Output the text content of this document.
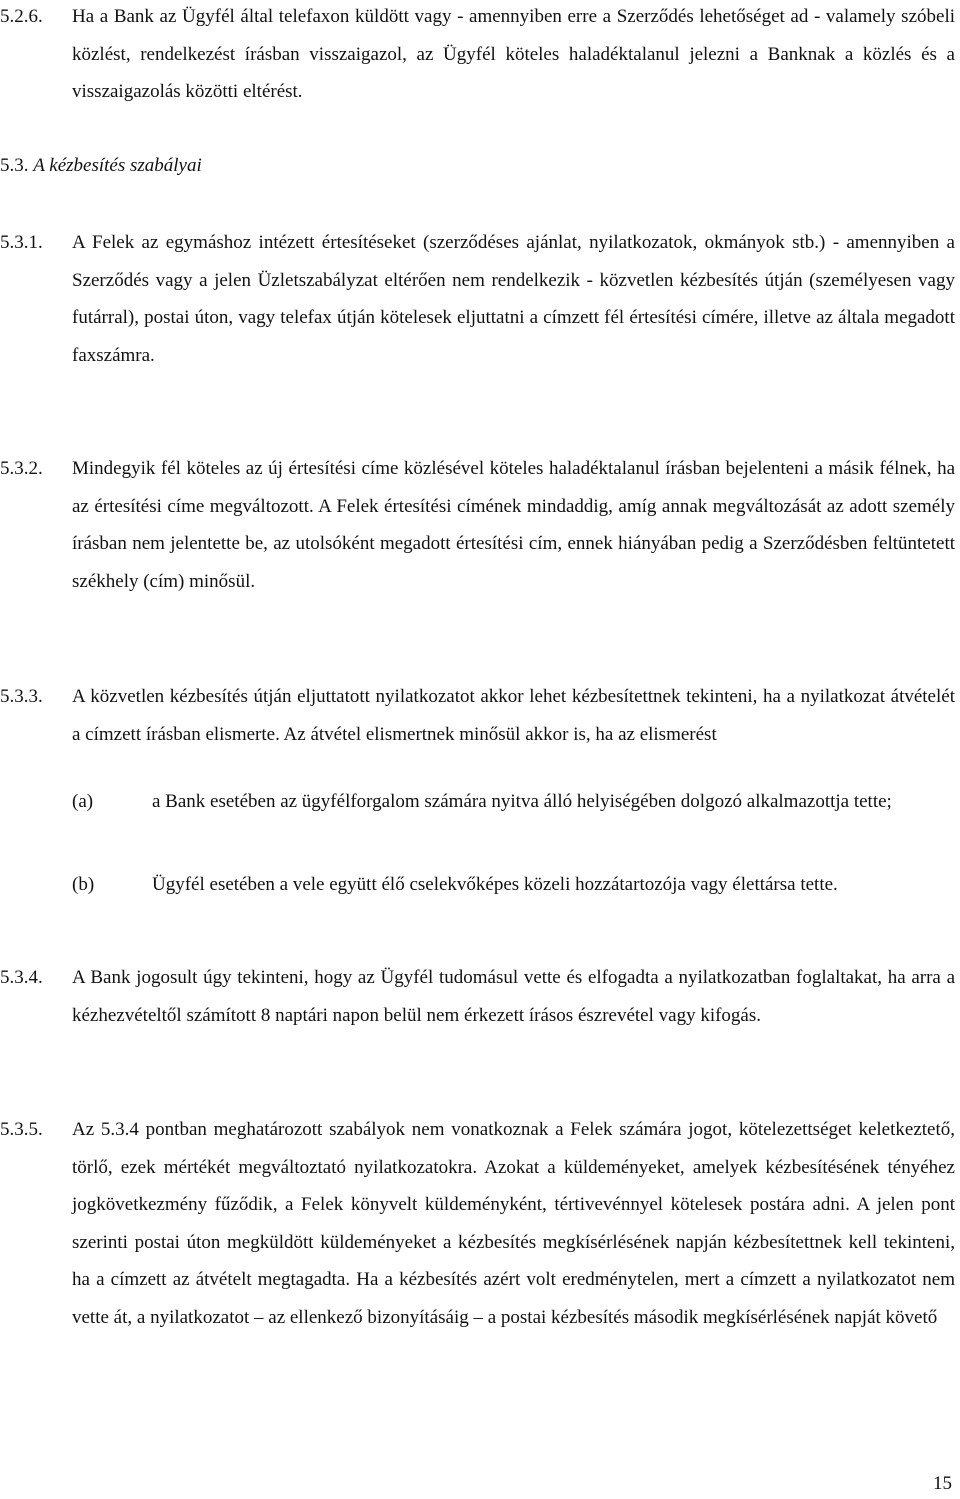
5.2.6. Ha a Bank az Ügyfél által telefaxon küldött vagy - amennyiben erre a Szerződés lehetőséget ad - valamely szóbeli közlést, rendelkezést írásban visszaigazol, az Ügyfél köteles haladéktalanul jelezni a Banknak a közlés és a visszaigazolás közötti eltérést.
5.3. A kézbesítés szabályai
5.3.1. A Felek az egymáshoz intézett értesítéseket (szerződéses ajánlat, nyilatkozatok, okmányok stb.) - amennyiben a Szerződés vagy a jelen Üzletszabályzat eltérően nem rendelkezik - közvetlen kézbesítés útján (személyesen vagy futárral), postai úton, vagy telefax útján kötelesek eljuttatni a címzett fél értesítési címére, illetve az általa megadott faxszámra.
5.3.2. Mindegyik fél köteles az új értesítési címe közlésével köteles haladéktalanul írásban bejelenteni a másik félnek, ha az értesítési címe megváltozott. A Felek értesítési címének mindaddig, amíg annak megváltozását az adott személy írásban nem jelentette be, az utolsóként megadott értesítési cím, ennek hiányában pedig a Szerződésben feltüntetett székhely (cím) minősül.
5.3.3. A közvetlen kézbesítés útján eljuttatott nyilatkozatot akkor lehet kézbesítettnek tekinteni, ha a nyilatkozat átvételét a címzett írásban elismerte. Az átvétel elismertnek minősül akkor is, ha az elismerést
(a)	a Bank esetében az ügyfélforgalom számára nyitva álló helyiségében dolgozó alkalmazottja tette;
(b)	Ügyfél esetében a vele együtt élő cselekvőképes közeli hozzátartozója vagy élettársa tette.
5.3.4. A Bank jogosult úgy tekinteni, hogy az Ügyfél tudomásul vette és elfogadta a nyilatkozatban foglaltakat, ha arra a kézhezvételtől számított 8 naptári napon belül nem érkezett írásos észrevétel vagy kifogás.
5.3.5. Az 5.3.4 pontban meghatározott szabályok nem vonatkoznak a Felek számára jogot, kötelezettséget keletkeztető, törlő, ezek mértékét megváltoztató nyilatkozatokra. Azokat a küldeményeket, amelyek kézbesítésének tényéhez jogkövetkezmény fűződik, a Felek könyvelt küldeményként, tértivevénnyel kötelesek postára adni. A jelen pont szerinti postai úton megküldött küldeményeket a kézbesítés megkísérlésének napján kézbesítettnek kell tekinteni, ha a címzett az átvételt megtagadta. Ha a kézbesítés azért volt eredménytelen, mert a címzett a nyilatkozatot nem vette át, a nyilatkozatot – az ellenkező bizonyításáig – a postai kézbesítés második megkísérlésének napját követő
15
